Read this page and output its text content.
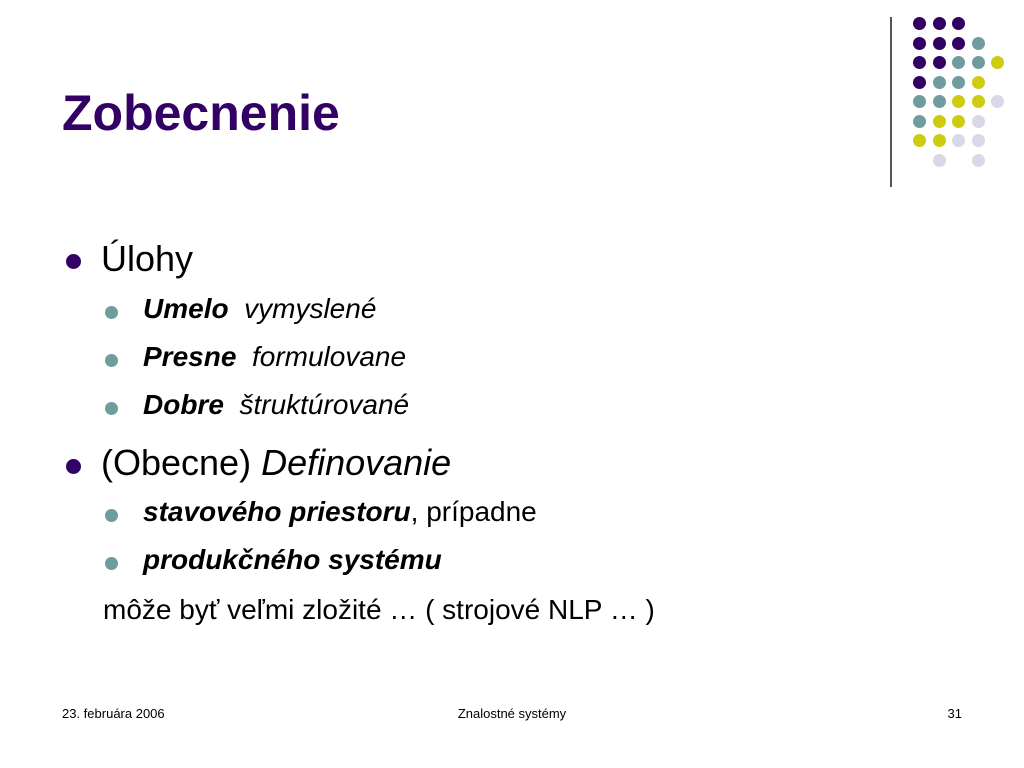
Zobecnenie
Úlohy
Umelo vymyslené
Presne formulovane
Dobre štruktúrované
(Obecne) Definovanie
stavového priestoru, prípadne
produkčného systému
môže byť veľmi zložité … ( strojové NLP … )
23. februára 2006	Znalostné systémy	31
